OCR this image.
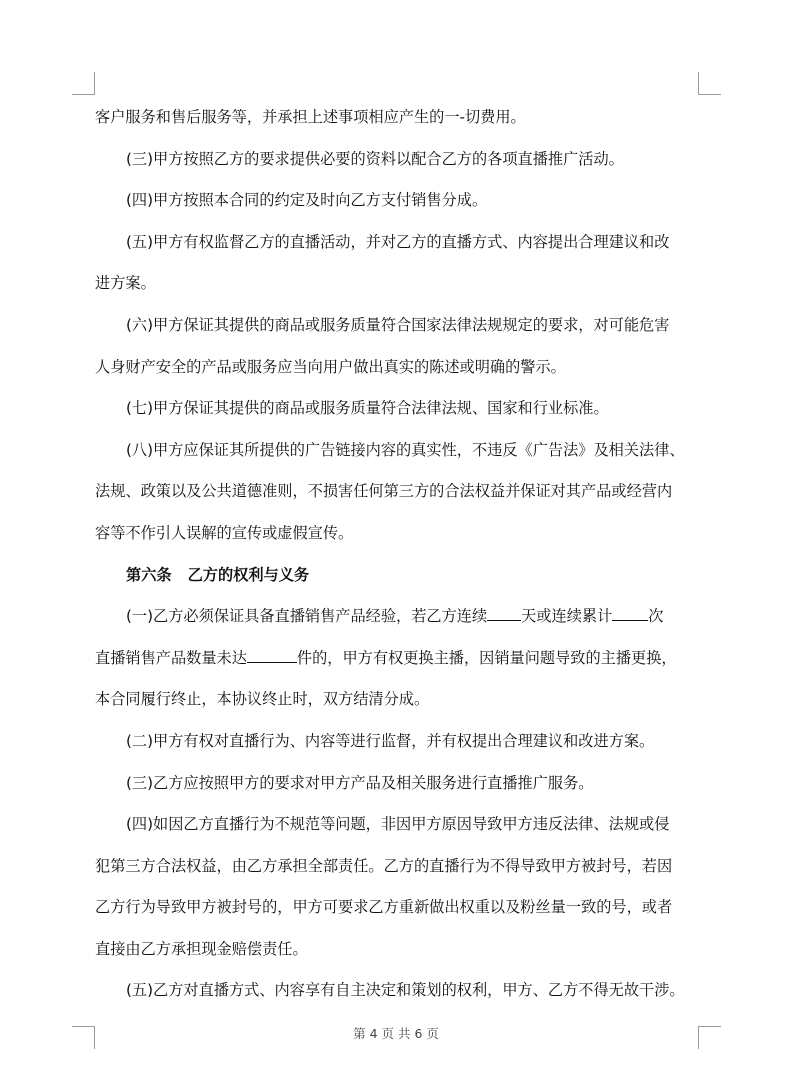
客户服务和售后服务等，并承担上述事项相应产生的一-切费用。

(三)甲方按照乙方的要求提供必要的资料以配合乙方的各项直播推广活动。

(四)甲方按照本合同的约定及时向乙方支付销售分成。

(五)甲方有权监督乙方的直播活动，并对乙方的直播方式、内容提出合理建议和改

进方案。

(六)甲方保证其提供的商品或服务质量符合国家法律法规规定的要求，对可能危害

人身财产安全的产品或服务应当向用户做出真实的陈述或明确的警示。

(七)甲方保证其提供的商品或服务质量符合法律法规、国家和行业标准。

(八)甲方应保证其所提供的广告链接内容的真实性，不违反《广告法》及相关法律、

法规、政策以及公共道德准则，不损害任何第三方的合法权益并保证对其产品或经营内

容等不作引人误解的宣传或虚假宣传。

第六条 乙方的权利与义务

(一)乙方必须保证具备直播销售产品经验，若乙方连续 天或连续累计 次

直播销售产品数量未达	件的，甲方有权更换主播，因销量问题导致的主播更换，

本合同履行终止，本协议终止时，双方结清分成。

(二)甲方有权对直播行为、内容等进行监督，并有权提出合理建议和改进方案。

(三)乙方应按照甲方的要求对甲方产品及相关服务进行直播推广服务。

(四)如因乙方直播行为不规范等问题，非因甲方原因导致甲方违反法律、法规或侵

犯第三方合法权益，由乙方承担全部责任。乙方的直播行为不得导致甲方被封号，若因

乙方行为导致甲方被封号的，甲方可要求乙方重新做出权重以及粉丝量一致的号，或者

直接由乙方承担现金赔偿责任。

(五)乙方对直播方式、内容享有自主决定和策划的权利，甲方、乙方不得无故干涉。

第 4 页 共 6 页
